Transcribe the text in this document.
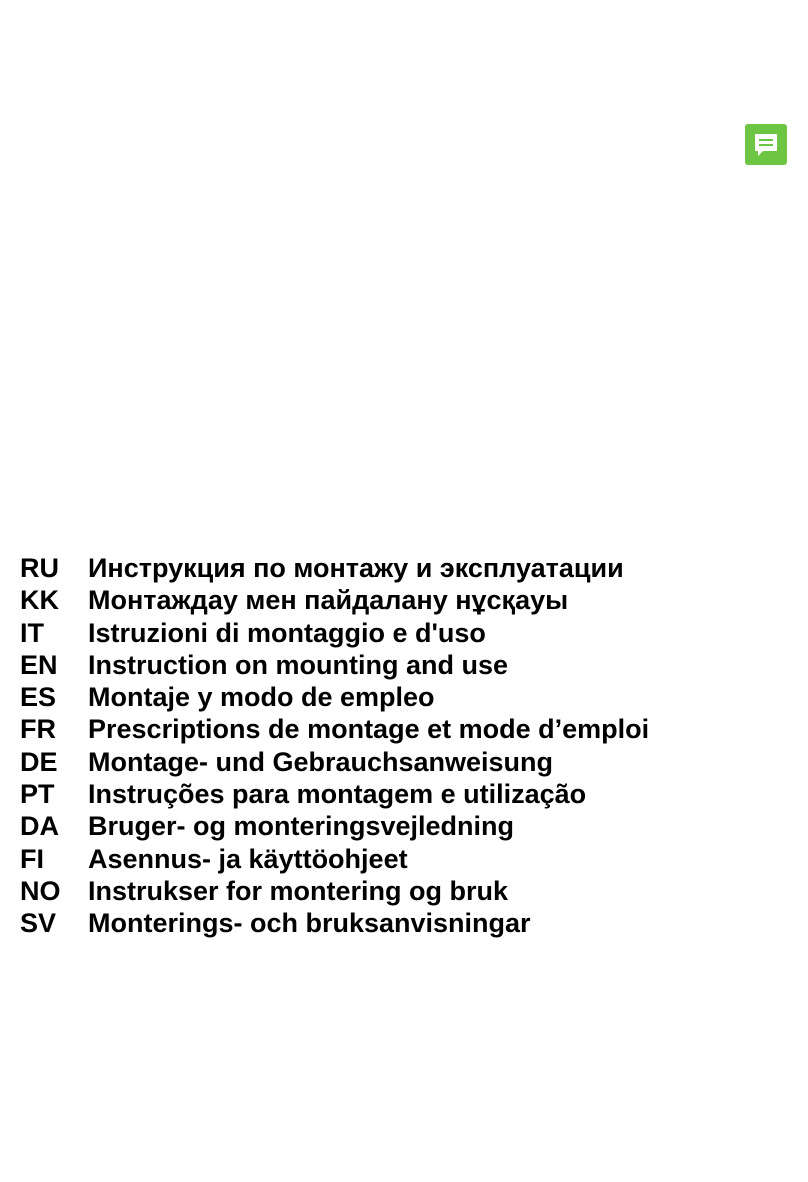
RU	Инструкция по монтажу и эксплуатации
KK	Монтаждау мен пайдалану нұсқауы
IT	Istruzioni di montaggio e d'uso
EN	Instruction on mounting and use
ES	Montaje y modo de empleo
FR	Prescriptions de montage et mode d’emploi
DE	Montage- und Gebrauchsanweisung
PT	Instruções para montagem e utilização
DA	Bruger- og monteringsvejledning
FI	Asennus- ja käyttöohjeet
NO	Instrukser for montering og bruk
SV	Monterings- och bruksanvisningar
